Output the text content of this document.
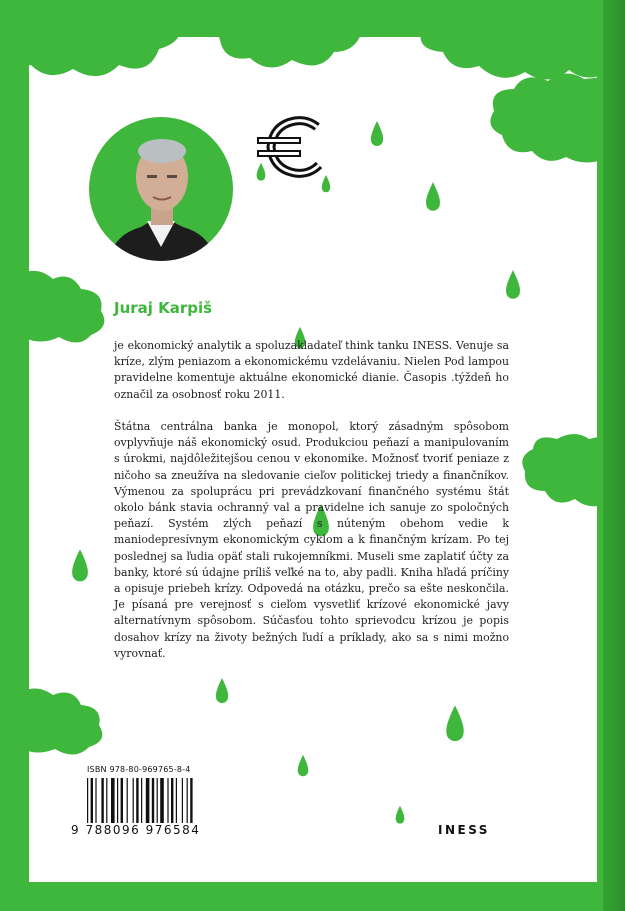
Juraj Karpiš
je ekonomický analytik a spoluzakladateľ think tanku INESS. Venuje sa krízе, zlým peniazom a ekonomickému vzdelávaniu. Nielen Pod lampou pravidelne komentuje aktuálne ekonomické dianie. Časopis .týždeň ho označil za osobnosť roku 2011.
Štátna centrálna banka je monopol, ktorý zásadným spôsobom ovplyvňuje náš ekonomický osud. Produkciou peňazí a manipulovaním s úrokmi, najdôležitejšou cenou v ekonomike. Možnosť tvoriť peniaze z ničoho sa zneužíva na sledovanie cieľov politickej triedy a finančníkov. Výmenou za spoluprácu pri prevádzkovaní finančného systému štát okolo bánk stavia ochranný val a pravidelne ich sanuje zo spoločných peňazí. Systém zlých peňazí s núteným obehom vedie k maniodepresívnym ekonomickým cyklom a k finančným krízam. Po tej poslednej sa ľudia opäť stali rukojemníkmi. Museli sme zaplatiť účty za banky, ktoré sú údajne príliš veľké na to, aby padli. Kniha hľadá príčiny a opisuje priebeh krízy. Odpovedá na otázku, prečo sa ešte neskončila. Je písaná pre verejnosť s cieľom vysvetliť krízové ekonomické javy alternatívnym spôsobom. Súčasťou tohto sprievodcu krízou je popis dosahov krízy na životy bežných ľudí a príklady, ako sa s nimi možno vyrovnať.
ISBN 978-80-969765-8-4
9 788096 976584	INESS
